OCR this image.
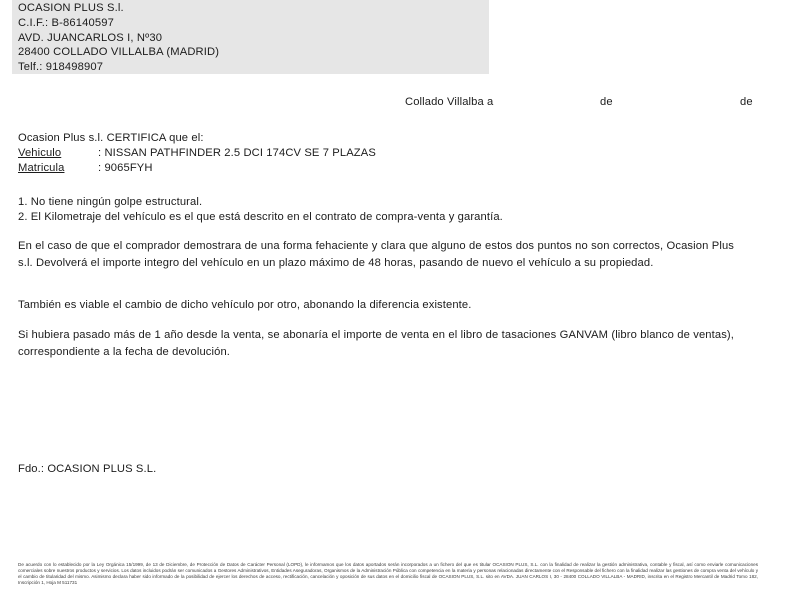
OCASION PLUS S.l.
C.I.F.: B-86140597
AVD. JUANCARLOS I, Nº30
28400 COLLADO VILLALBA (MADRID)
Telf.: 918498907
Collado Villalba a	de	de
Ocasion Plus s.l. CERTIFICA que el:
Vehiculo	: NISSAN PATHFINDER 2.5 DCI 174CV SE 7 PLAZAS
Matricula	: 9065FYH
1. No tiene ningún golpe estructural.
2. El Kilometraje del vehículo es el que está descrito en el contrato de compra-venta y garantía.
En el caso de que el comprador demostrara de una forma fehaciente y clara que alguno de estos dos puntos no son correctos, Ocasion Plus s.l. Devolverá el importe integro del vehículo en un plazo máximo de 48 horas, pasando de nuevo el vehículo a su propiedad.
También es viable el cambio de dicho vehículo por otro, abonando la diferencia existente.
Si hubiera pasado más de 1 año desde la venta, se abonaría el importe de venta en el libro de tasaciones GANVAM (libro blanco de ventas), correspondiente a la fecha de devolución.
Fdo.: OCASION PLUS S.L.
De acuerdo con lo establecido por la Ley Orgánica 15/1999, de 13 de Diciembre, de Protección de Datos de Carácter Personal (LOPD), le informamos que los datos aportados serán incorporados a un fichero del que es titular OCASION PLUS, S.L. con la finalidad de realizar la gestión administrativa, contable y fiscal, así como enviarle comunicaciones comerciales sobre nuestros productos y servicios. Los datos incluidos podrán ser comunicados a Gestores Administrativos, Entidades Aseguradoras, Organismos de la Administración Pública con competencia en la materia y personas relacionadas directamente con el Responsable del fichero con la finalidad realizar las gestiones de compra venta del vehículo y el cambio de titularidad del mismo. Asimismo declara haber sido informado de la posibilidad de ejercer los derechos de acceso, rectificación, cancelación y oposición de sus datos en el domicilio fiscal de OCASION PLUS, S.L. sito en AVDA. JUAN CARLOS I, 30 - 28400 COLLADO VILLALBA - MADRID, inscrita en el Registro Mercantil de Madrid Tomo 182, Inscripción 1, Hoja M 511731
